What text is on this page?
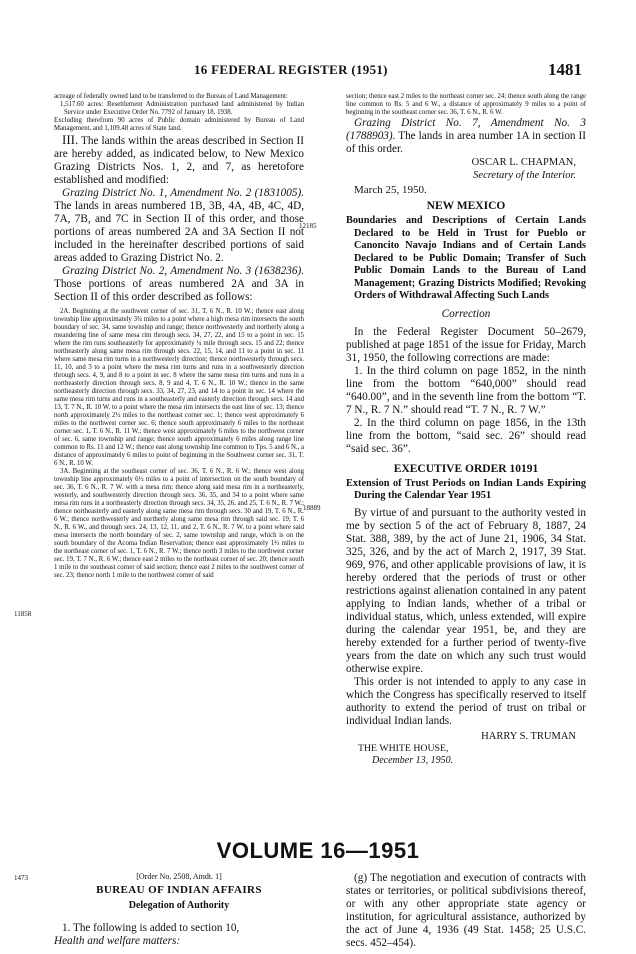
16 FEDERAL REGISTER (1951)	1481
12185
18889
11858
1473

acreage of federally owned land to be transferred to the Bureau of Land Management:

1,517.60 acres: Resettlement Administration purchased land administered by Indian Service under Executive Order No. 7792 of January 18, 1938.

Excluding therefrom 90 acres of Public domain administered by Bureau of Land Management, and 1,109.48 acres of State land.

III. The lands within the areas described in Section II are hereby added, as indicated below, to New Mexico Grazing Districts Nos. 1, 2, and 7, as heretofore established and modified:

Grazing District No. 1, Amendment No. 2 (1831005). The lands in areas numbered 1B, 3B, 4A, 4B, 4C, 4D, 7A, 7B, and 7C in Section II of this order, and those portions of areas numbered 2A and 3A Section II not included in the hereinafter described portions of said areas added to Grazing District No. 2.

Grazing District No. 2, Amendment No. 3 (1638236). Those portions of areas numbered 2A and 3A in Section II of this order described as follows:

2A. Beginning at the southwest corner of sec. 31, T. 6 N., R. 10 W.; thence east along township line approximately 3¾ miles to a point where a high mesa rim intersects the south boundary of sec. 34, same township and range; thence northwesterly and northerly along a meandering line of same mesa rim through secs. 34, 27, 22, and 15 to a point in sec. 15 where the rim runs southeasterly for approximately ¼ mile through secs. 15 and 22; thence northeasterly along same mesa rim through secs. 22, 15, 14, and 11 to a point in sec. 11 where same mesa rim turns in a northwesterly direction; thence northwesterly through secs. 11, 10, and 3 to a point where the mesa rim turns and runs in a southwesterly direction through secs. 4, 9, and 8 to a point in sec. 8 where the same mesa rim turns and runs in a northeasterly direction through secs. 8, 9 and 4, T. 6 N., R. 10 W.; thence in the same northeasterly direction through secs. 33, 34, 27, 23, and 14 to a point in sec. 14 where the same mesa rim turns and runs in a southeasterly and easterly direction through secs. 14 and 13, T. 7 N., R. 10 W. to a point where the mesa rim intersects the east line of sec. 13; thence north approximately 2½ miles to the northeast corner sec. 1; thence west approximately 6 miles to the northwest corner sec. 6; thence south approximately 6 miles to the northeast corner sec. 1, T. 6 N., R. 11 W.; thence west approximately 6 miles to the northwest corner of sec. 6, same township and range; thence south approximately 6 miles along range line common to Rs. 11 and 12 W.; thence east along township line common to Tps. 5 and 6 N., a distance of approximately 6 miles to point of beginning in the Southwest corner sec. 31, T. 6 N., R. 10 W.

3A. Beginning at the southeast corner of sec. 36, T. 6 N., R. 6 W.; thence west along township line approximately 6½ miles to a point of intersection on the south boundary of sec. 36, T. 6 N., R. 7 W. with a mesa rim; thence along said mesa rim in a northeasterly, westerly, and southwesterly direction through secs. 36, 35, and 34 to a point where same mesa rim runs in a northeasterly direction through secs. 34, 35, 26, and 25, T. 6 N., R. 7 W.; thence northeasterly and easterly along same mesa rim through secs. 30 and 19, T. 6 N., R. 6 W.; thence northwesterly and northerly along same mesa rim through said sec. 19, T. 6 N., R. 6 W., and through secs. 24, 13, 12, 11, and 2, T. 6 N., R. 7 W. to a point where said mesa intersects the north boundary of sec. 2, same township and range, which is on the south boundary of the Acoma Indian Reservation; thence east approximately 1⅔ miles to the northeast corner of sec. 1, T. 6 N., R. 7 W.; thence north 3 miles to the northwest corner sec. 19, T. 7 N., R. 6 W.; thence east 2 miles to the northeast corner of sec. 20; thence south 1 mile to the southeast corner of said section; thence east 2 miles to the southwest corner of sec. 23; thence north 1 mile to the northwest corner of said

section; thence east 2 miles to the northeast corner sec. 24; thence south along the range line common to Rs. 5 and 6 W., a distance of approximately 9 miles to a point of beginning in the southeast corner sec. 36, T. 6 N., R. 6 W.

Grazing District No. 7, Amendment No. 3 (1788903). The lands in area number 1A in section II of this order.

OSCAR L. CHAPMAN,

Secretary of the Interior.

March 25, 1950.

NEW MEXICO

Boundaries and Descriptions of Certain Lands Declared to be Held in Trust for Pueblo or Canoncito Navajo Indians and of Certain Lands Declared to be Public Domain; Transfer of Such Public Domain Lands to the Bureau of Land Management; Grazing Districts Modified; Revoking Orders of Withdrawal Affecting Such Lands

Correction

In the Federal Register Document 50–2679, published at page 1851 of the issue for Friday, March 31, 1950, the following corrections are made:

1. In the third column on page 1852, in the ninth line from the bottom “640,000” should read “640.00”, and in the seventh line from the bottom “T. 7 N., R. 7 N.” should read “T. 7 N., R. 7 W.”

2. In the third column on page 1856, in the 13th line from the bottom, “said sec. 26” should read “said sec. 36”.

EXECUTIVE ORDER 10191

Extension of Trust Periods on Indian Lands Expiring During the Calendar Year 1951

By virtue of and pursuant to the authority vested in me by section 5 of the act of February 8, 1887, 24 Stat. 388, 389, by the act of June 21, 1906, 34 Stat. 325, 326, and by the act of March 2, 1917, 39 Stat. 969, 976, and other applicable provisions of law, it is hereby ordered that the periods of trust or other restrictions against alienation contained in any patent applying to Indian lands, whether of a tribal or individual status, which, unless extended, will expire during the calendar year 1951, be, and they are hereby extended for a further period of twenty-five years from the date on which any such trust would otherwise expire.

This order is not intended to apply to any case in which the Congress has specifically reserved to itself authority to extend the period of trust on tribal or individual Indian lands.

HARRY S. TRUMAN

THE WHITE HOUSE,

December 13, 1950.

VOLUME 16—1951

[Order No. 2508, Amdt. 1]

BUREAU OF INDIAN AFFAIRS

Delegation of Authority

1. The following is added to section 10,

Health and welfare matters:

(g) The negotiation and execution of contracts with states or territories, or political subdivisions thereof, or with any other appropriate state agency or institution, for agricultural assistance, authorized by the act of June 4, 1936 (49 Stat. 1458; 25 U.S.C. secs. 452–454).
